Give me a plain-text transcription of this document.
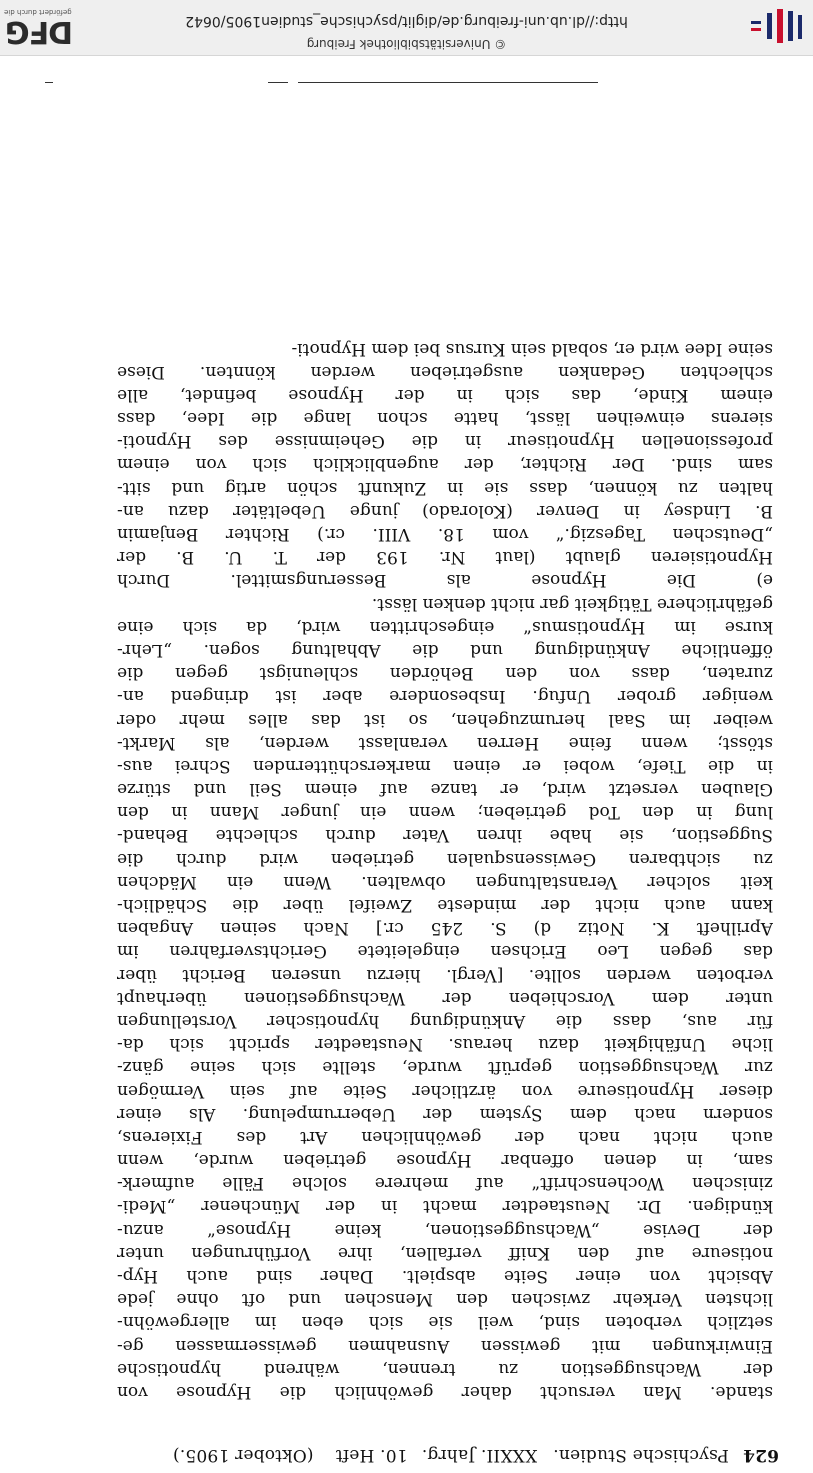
624
Psychische Studien.
XXXII. Jahrg.
10. Heft
(Oktober 1905.)
stande. Man versucht daher gewöhnlich die Hypnose von
der Wachsuggestion zu trennen, während hypnotische
Einwirkungen mit gewissen Ausnahmen gewissermassen ge-
setzlich verboten sind, weil sie sich eben im allergewöhn-
lichsten Verkehr zwischen den Menschen und oft ohne jede
Absicht von einer Seite abspielt. Daher sind auch Hyp-
notiseure auf den Kniff verfallen, ihre Vorführungen unter
der Devise „Wachsuggestionen, keine Hypnose“ anzu-
kündigen. Dr. Neustaedter macht in der Münchener „Medi-
zinischen Wochenschrift“ auf mehrere solche Fälle aufmerk-
sam, in denen offenbar Hypnose getrieben wurde, wenn
auch nicht nach der gewöhnlichen Art des Fixierens,
sondern nach dem System der Ueberrumpelung. Als einer
dieser Hypnotiseure von ärztlicher Seite auf sein Vermögen
zur Wachsuggestion geprüft wurde, stellte sich seine gänz-
liche Unfähigkeit dazu heraus. Neustaedter spricht sich da-
für aus, dass die Ankündigung hypnotischer Vorstellungen
unter dem Vorschieben der Wachsuggestionen überhaupt
verboten werden sollte. [Vergl. hierzu unseren Bericht über
das gegen Leo Erichsen eingeleitete Gerichtsverfahren im
Aprilheft K. Notiz d) S. 245 cr.] Nach seinen Angaben
kann auch nicht der mindeste Zweifel über die Schädlich-
keit solcher Veranstaltungen obwalten. Wenn ein Mädchen
zu sichtbaren Gewissensqualen getrieben wird durch die
Suggestion, sie habe ihren Vater durch schlechte Behand-
lung in den Tod getrieben; wenn ein junger Mann in den
Glauben versetzt wird, er tanze auf einem Seil und stürze
in die Tiefe, wobei er einen markerschütternden Schrei aus-
stösst; wenn feine Herren veranlasst werden, als Markt-
weiber im Saal herumzugehen, so ist das alles mehr oder
weniger grober Unfug. Insbesondere aber ist dringend an-
zuraten, dass von den Behörden schleunigst gegen die
öffentliche Ankündigung und die Abhaltung sogen. „Lehr-
kurse im Hypnotismus“ eingeschritten wird, da sich eine
gefährlichere Tätigkeit gar nicht denken lässt.
e) Die Hypnose als Besserungsmittel. Durch
Hypnotisieren glaubt (laut Nr. 193 der T. U. B. der
„Deutschen Tageszig.“ vom 18. VIII. cr.) Richter Benjamin
B. Lindsey in Denver (Kolorado) junge Uebeltäter dazu an-
halten zu können, dass sie in Zukunft schön artig und sitt-
sam sind. Der Richter, der augenblicklich sich von einem
professionellen Hypnotiseur in die Geheimnisse des Hypnoti-
sierens einweihen lässt, hatte schon lange die Idee, dass
einem Kinde, das sich in der Hypnose befindet, alle
schlechten Gedanken ausgetrieben werden könnten. Diese
seine Idee wird er, sobald sein Kursus bei dem Hypnoti-
© Universitätsbibliothek Freiburg
http://dl.ub.uni-freiburg.de/diglit/psychische_studien1905/0642
DFG
gefördert durch die
